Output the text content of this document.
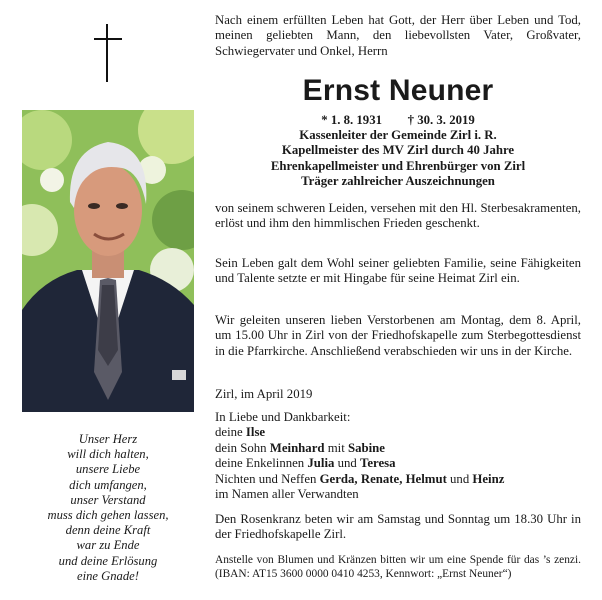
Unser Herz
will dich halten,
unsere Liebe
dich umfangen,
unser Verstand
muss dich gehen lassen,
denn deine Kraft
war zu Ende
und deine Erlösung
eine Gnade!
Nach einem erfüllten Leben hat Gott, der Herr über Leben und Tod, meinen geliebten Mann, den liebevollsten Vater, Großvater, Schwiegervater und Onkel, Herrn
Ernst Neuner
* 1. 8. 1931        † 30. 3. 2019
Kassenleiter der Gemeinde Zirl i. R.
Kapellmeister des MV Zirl durch 40 Jahre
Ehrenkapellmeister und Ehrenbürger von Zirl
Träger zahlreicher Auszeichnungen
von seinem schweren Leiden, versehen mit den Hl. Sterbesakramenten, erlöst und ihm den himmlischen Frieden geschenkt.
Sein Leben galt dem Wohl seiner geliebten Familie, seine Fähigkeiten und Talente setzte er mit Hingabe für seine Heimat Zirl ein.
Wir geleiten unseren lieben Verstorbenen am Montag, dem 8. April, um 15.00 Uhr in Zirl von der Friedhofskapelle zum Sterbegottesdienst in die Pfarrkirche. Anschließend verabschieden wir uns in der Kirche.
Zirl, im April 2019
In Liebe und Dankbarkeit:
deine Ilse
dein Sohn Meinhard mit Sabine
deine Enkelinnen Julia und Teresa
Nichten und Neffen Gerda, Renate, Helmut und Heinz
im Namen aller Verwandten
Den Rosenkranz beten wir am Samstag und Sonntag um 18.30 Uhr in der Friedhofskapelle Zirl.
Anstelle von Blumen und Kränzen bitten wir um eine Spende für das ’s zenzi. (IBAN: AT15 3600 0000 0410 4253, Kennwort: „Ernst Neuner“)
